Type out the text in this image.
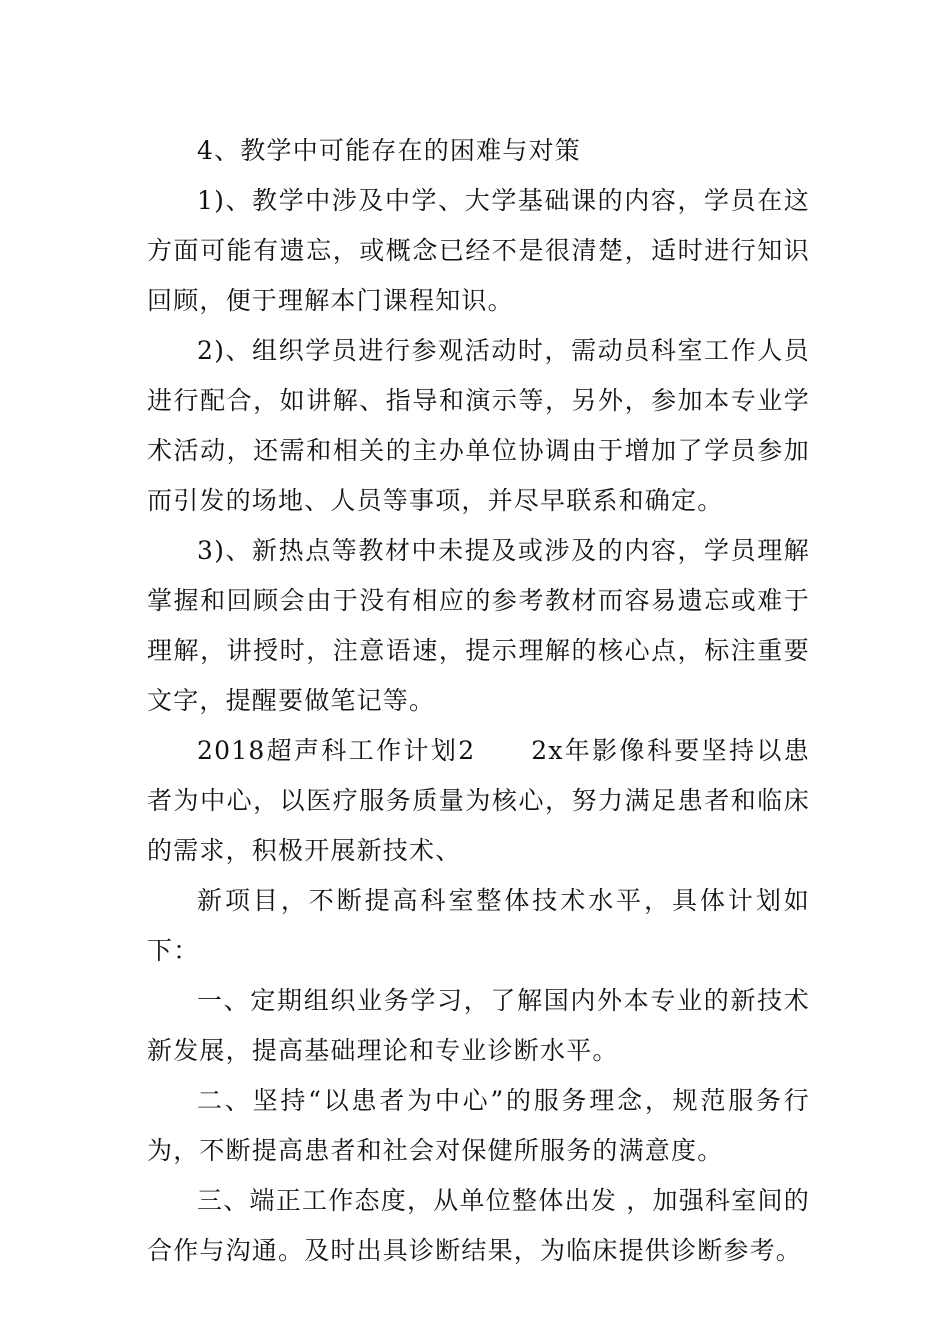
4、教学中可能存在的困难与对策

1)、教学中涉及中学、大学基础课的内容，学员在这方面可能有遗忘，或概念已经不是很清楚，适时进行知识回顾，便于理解本门课程知识。

2)、组织学员进行参观活动时，需动员科室工作人员进行配合，如讲解、指导和演示等，另外，参加本专业学术活动，还需和相关的主办单位协调由于增加了学员参加而引发的场地、人员等事项，并尽早联系和确定。

3)、新热点等教材中未提及或涉及的内容，学员理解掌握和回顾会由于没有相应的参考教材而容易遗忘或难于理解，讲授时，注意语速，提示理解的核心点，标注重要文字，提醒要做笔记等。

2018超声科工作计划2　　2x年影像科要坚持以患者为中心，以医疗服务质量为核心，努力满足患者和临床的需求，积极开展新技术、

新项目，不断提高科室整体技术水平，具体计划如下：

一、定期组织业务学习，了解国内外本专业的新技术新发展，提高基础理论和专业诊断水平。

二、坚持“以患者为中心”的服务理念，规范服务行为，不断提高患者和社会对保健所服务的满意度。

三、端正工作态度，从单位整体出发 ，加强科室间的合作与沟通。及时出具诊断结果，为临床提供诊断参考。
